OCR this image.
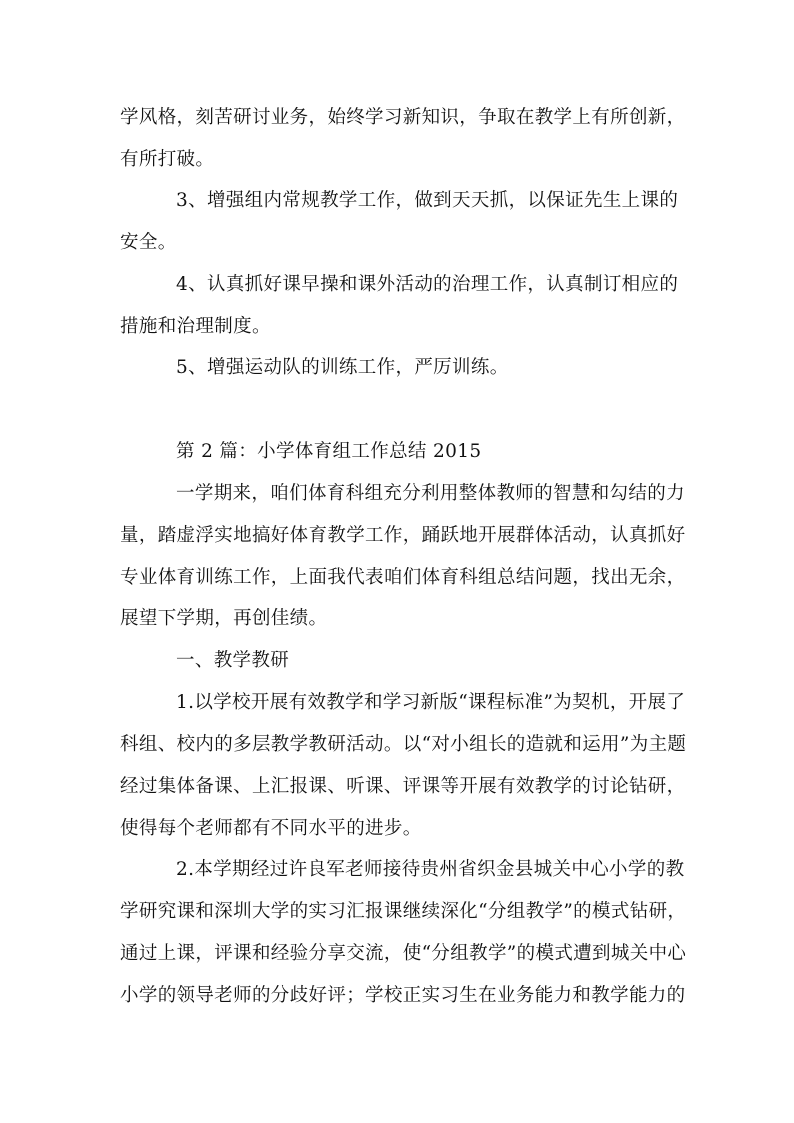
学风格，刻苦研讨业务，始终学习新知识，争取在教学上有所创新，
有所打破。
3、增强组内常规教学工作，做到天天抓，以保证先生上课的
安全。
4、认真抓好课早操和课外活动的治理工作，认真制订相应的
措施和治理制度。
5、增强运动队的训练工作，严厉训练。
第 2 篇：小学体育组工作总结 2015
一学期来，咱们体育科组充分利用整体教师的智慧和勾结的力
量，踏虚浮实地搞好体育教学工作，踊跃地开展群体活动，认真抓好
专业体育训练工作，上面我代表咱们体育科组总结问题，找出无余，
展望下学期，再创佳绩。
一、教学教研
1.以学校开展有效教学和学习新版“课程标准”为契机，开展了
科组、校内的多层教学教研活动。以“对小组长的造就和运用”为主题
经过集体备课、上汇报课、听课、评课等开展有效教学的讨论钻研，
使得每个老师都有不同水平的进步。
2.本学期经过许良军老师接待贵州省织金县城关中心小学的教
学研究课和深圳大学的实习汇报课继续深化“分组教学”的模式钻研，
通过上课，评课和经验分享交流，使“分组教学”的模式遭到城关中心
小学的领导老师的分歧好评；学校正实习生在业务能力和教学能力的
